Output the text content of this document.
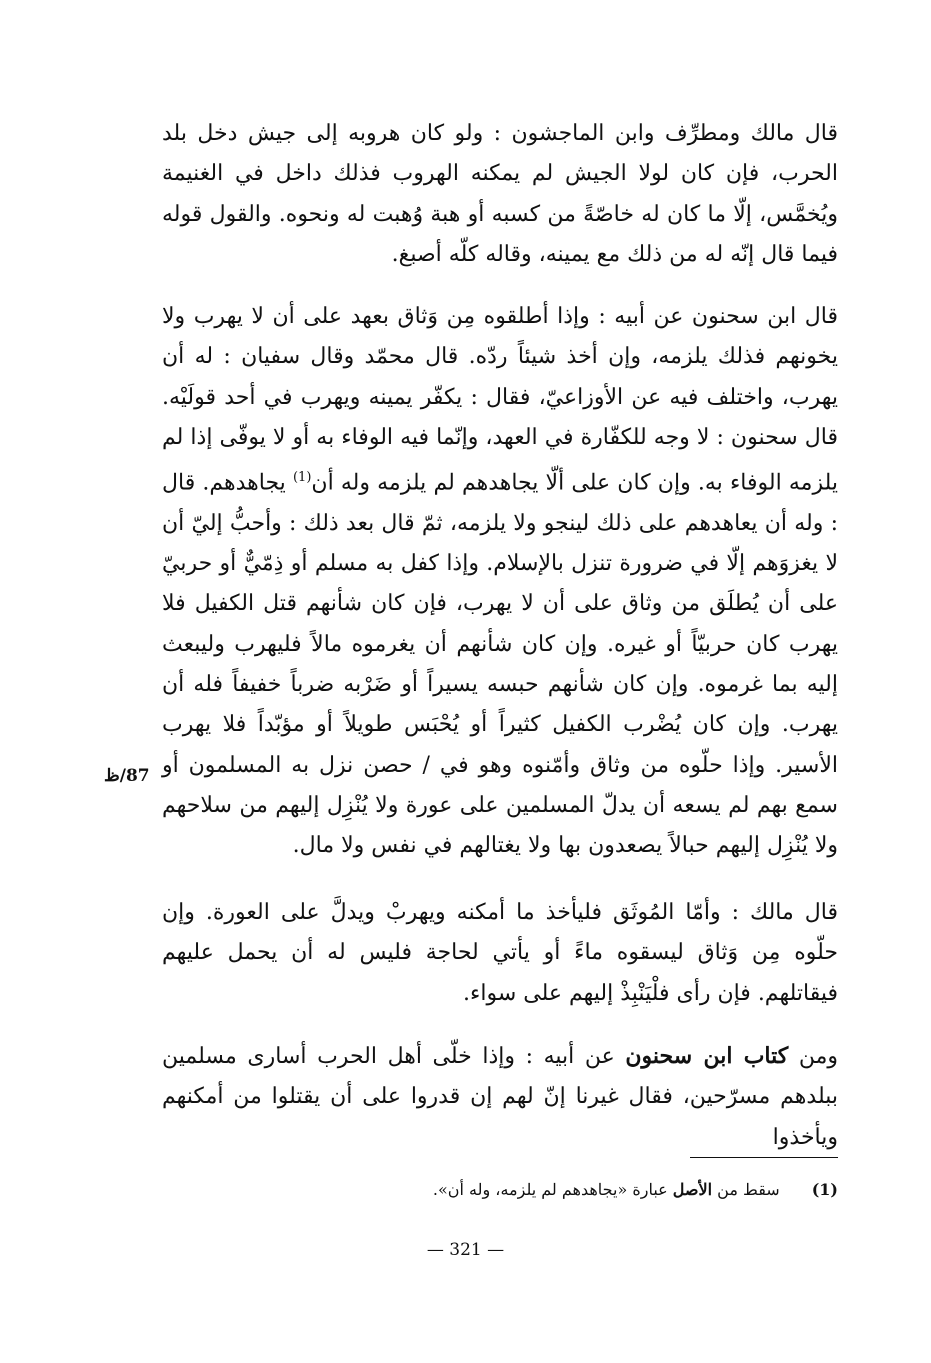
قال مالك ومطرِّف وابن الماجشون : ولو كان هروبه إلى جيش دخل بلد الحرب، فإن كان لولا الجيش لم يمكنه الهروب فذلك داخل في الغنيمة ويُخمَّس، إلّا ما كان له خاصّةً من كسبه أو هبة وُهبت له ونحوه. والقول قوله فيما قال إنّه له من ذلك مع يمينه، وقاله كلّه أصبغ.

قال ابن سحنون عن أبيه : وإذا أطلقوه مِن وَثاق بعهد على أن لا يهرب ولا يخونهم فذلك يلزمه، وإن أخذ شيئاً ردّه. قال محمّد وقال سفيان : له أن يهرب، واختلف فيه عن الأوزاعيّ، فقال : يكفّر يمينه ويهرب في أحد قولَيْه. قال سحنون : لا وجه للكفّارة في العهد، وإنّما فيه الوفاء به أو لا يوفّى إذا لم يلزمه الوفاء به. وإن كان على ألّا يجاهدهم لم يلزمه وله أن$^{(1)}$ يجاهدهم. قال : وله أن يعاهدهم على ذلك لينجو ولا يلزمه، ثمّ قال بعد ذلك : وأحبُّ إليّ أن لا يغزوَهم إلّا في ضرورة تنزل بالإسلام. وإذا كفل به مسلم أو ذِمّيٌّ أو حربيّ على أن يُطلَق من وثاق على أن لا يهرب، فإن كان شأنهم قتل الكفيل فلا يهرب كان حربيّاً أو غيره. وإن كان شأنهم أن يغرموه مالاً فليهرب وليبعث إليه بما غرموه. وإن كان شأنهم حبسه يسيراً أو ضَرْبه ضرباً خفيفاً فله أن يهرب. وإن كان يُضْرب الكفيل كثيراً أو يُحْبَس طويلاً أو مؤبّداً فلا يهرب الأسير. وإذا حلّوه من وثاق وأمّنوه وهو في / حصن نزل به المسلمون أو سمع بهم لم يسعه أن يدلّ المسلمين على عورة ولا يُنْزِل إليهم من سلاحهم ولا يُنْزِل إليهم حبالاً يصعدون بها ولا يغتالهم في نفس ولا مال.

87/ظ

قال مالك : وأمّا المُوثَق فليأخذ ما أمكنه ويهربْ ويدلَّ على العورة. وإن حلّوه مِن وَثاق ليسقوه ماءً أو يأتي لحاجة فليس له أن يحمل عليهم فيقاتلهم. فإن رأى فلْيَنْبِذْ إليهم على سواء.

ومن كتاب ابن سحنون عن أبيه : وإذا خلّى أهل الحرب أسارى مسلمين ببلدهم مسرّحين، فقال غيرنا إنّ لهم إن قدروا على أن يقتلوا من أمكنهم ويأخذوا

(1)سقط من الأصل عبارة «يجاهدهم لم يلزمه، وله أن».
— 321 —
